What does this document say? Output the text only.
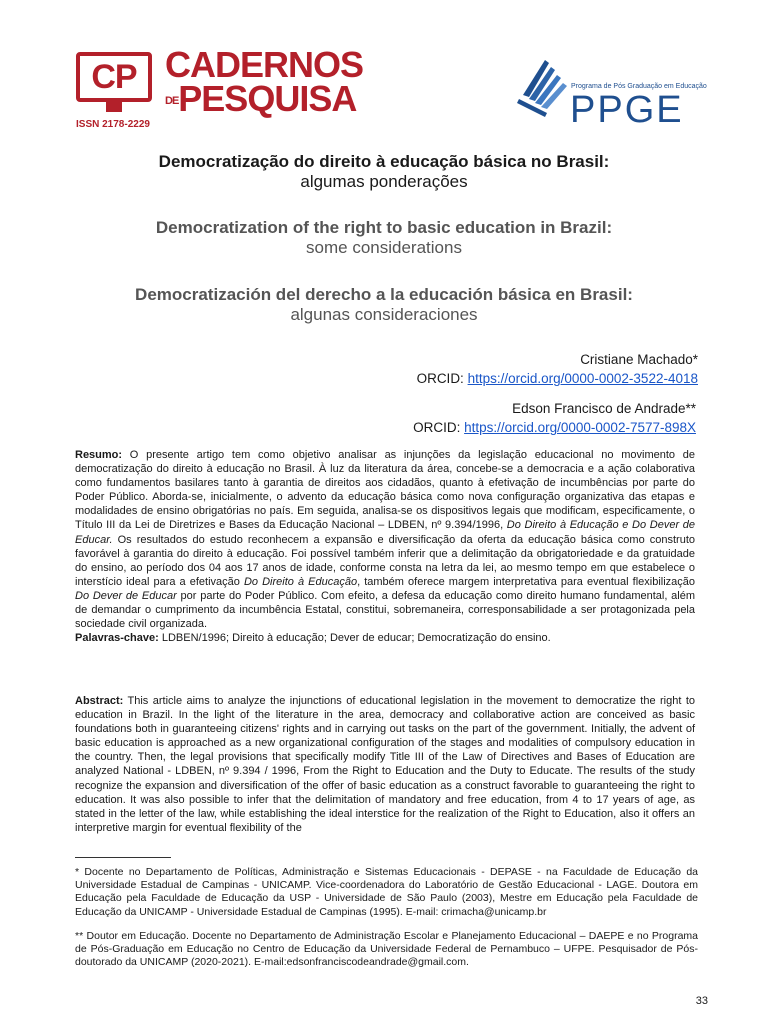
CP
ISSN 2178-2229
CADERNOS
DEPESQUISA	Programa de Pós Graduação em Educação
PPGE
Democratização do direito à educação básica no Brasil:
algumas ponderações
Democratization of the right to basic education in Brazil:
some considerations
Democratización del derecho a la educación básica en Brasil:
algunas consideraciones
Cristiane Machado*
ORCID: https://orcid.org/0000-0002-3522-4018
Edson Francisco de Andrade**
ORCID: https://orcid.org/0000-0002-7577-898X
Resumo: O presente artigo tem como objetivo analisar as injunções da legislação educacional no movimento de democratização do direito à educação no Brasil. À luz da literatura da área, concebe-se a democracia e a ação colaborativa como fundamentos basilares tanto à garantia de direitos aos cidadãos, quanto à efetivação de incumbências por parte do Poder Público. Aborda-se, inicialmente, o advento da educação básica como nova configuração organizativa das etapas e modalidades de ensino obrigatórias no país. Em seguida, analisa-se os dispositivos legais que modificam, especificamente, o Título III da Lei de Diretrizes e Bases da Educação Nacional – LDBEN, nº 9.394/1996, Do Direito à Educação e Do Dever de Educar. Os resultados do estudo reconhecem a expansão e diversificação da oferta da educação básica como construto favorável à garantia do direito à educação. Foi possível também inferir que a delimitação da obrigatoriedade e da gratuidade do ensino, ao período dos 04 aos 17 anos de idade, conforme consta na letra da lei, ao mesmo tempo em que estabelece o interstício ideal para a efetivação Do Direito à Educação, também oferece margem interpretativa para eventual flexibilização Do Dever de Educar por parte do Poder Público. Com efeito, a defesa da educação como direito humano fundamental, além de demandar o cumprimento da incumbência Estatal, constitui, sobremaneira, corresponsabilidade a ser protagonizada pela sociedade civil organizada.
Palavras-chave: LDBEN/1996; Direito à educação; Dever de educar; Democratização do ensino.
Abstract: This article aims to analyze the injunctions of educational legislation in the movement to democratize the right to education in Brazil. In the light of the literature in the area, democracy and collaborative action are conceived as basic foundations both in guaranteeing citizens' rights and in carrying out tasks on the part of the government. Initially, the advent of basic education is approached as a new organizational configuration of the stages and modalities of compulsory education in the country. Then, the legal provisions that specifically modify Title III of the Law of Directives and Bases of Education are analyzed National - LDBEN, nº 9.394 / 1996, From the Right to Education and the Duty to Educate. The results of the study recognize the expansion and diversification of the offer of basic education as a construct favorable to guaranteeing the right to education. It was also possible to infer that the delimitation of mandatory and free education, from 4 to 17 years of age, as stated in the letter of the law, while establishing the ideal interstice for the realization of the Right to Education, also it offers an interpretive margin for eventual flexibility of the
* Docente no Departamento de Políticas, Administração e Sistemas Educacionais - DEPASE - na Faculdade de Educação da Universidade Estadual de Campinas - UNICAMP. Vice-coordenadora do Laboratório de Gestão Educacional - LAGE. Doutora em Educação pela Faculdade de Educação da USP - Universidade de São Paulo (2003), Mestre em Educação pela Faculdade de Educação da UNICAMP - Universidade Estadual de Campinas (1995). E-mail: crimacha@unicamp.br
** Doutor em Educação. Docente no Departamento de Administração Escolar e Planejamento Educacional – DAEPE e no Programa de Pós-Graduação em Educação no Centro de Educação da Universidade Federal de Pernambuco – UFPE. Pesquisador de Pós-doutorado da UNICAMP (2020-2021). E-mail:edsonfranciscodeandrade@gmail.com.
33
